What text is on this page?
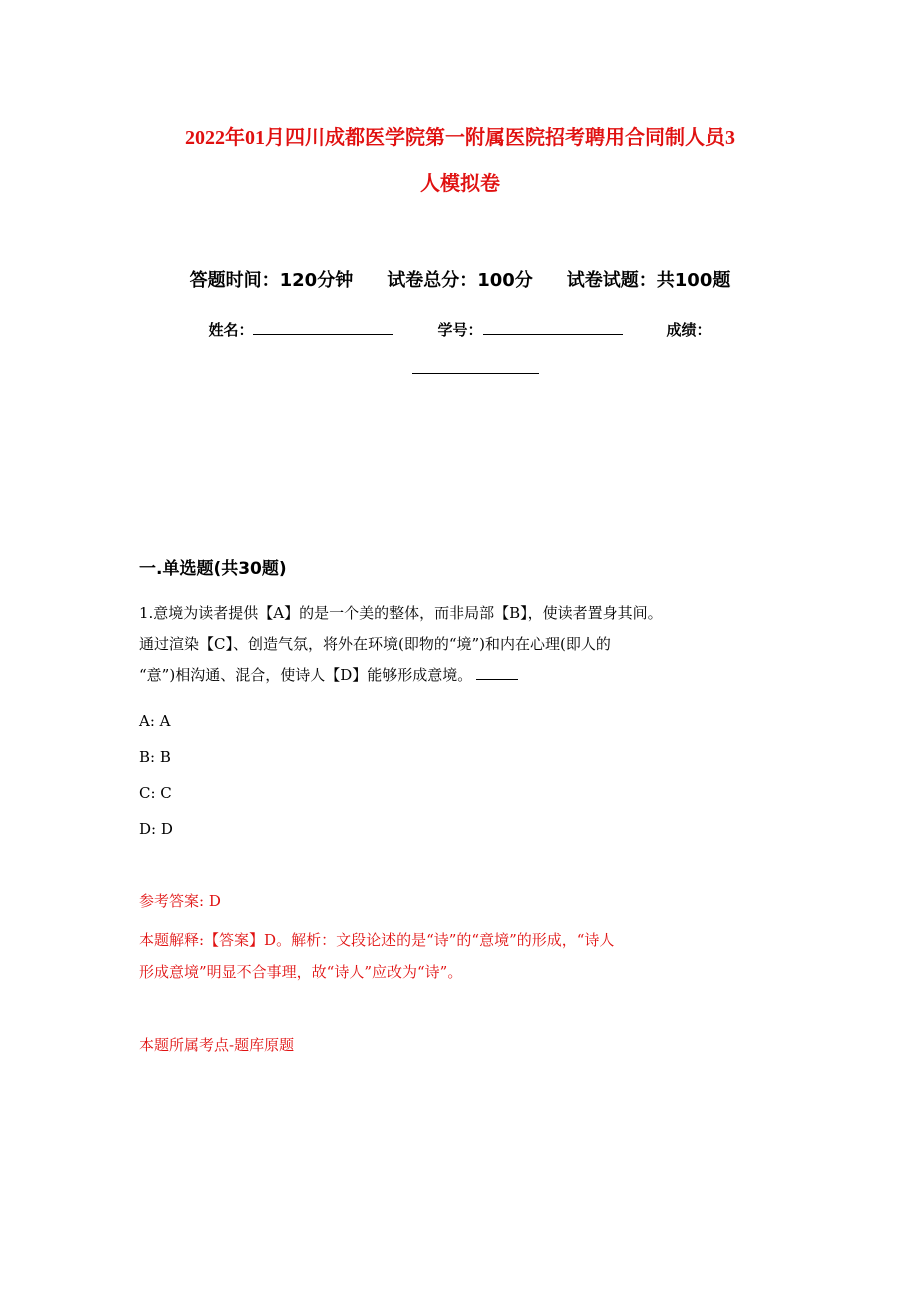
2022年01月四川成都医学院第一附属医院招考聘用合同制人员3
人模拟卷
答题时间：120分钟 试卷总分：100分 试卷试题：共100题
姓名：	学号：	成绩：
一.单选题(共30题)
1.意境为读者提供【A】的是一个美的整体，而非局部【B】，使读者置身其间。
通过渲染【C】、创造气氛，将外在环境(即物的“境”)和内在心理(即人的
“意”)相沟通、混合，使诗人【D】能够形成意境。
A: A
B: B
C: C
D: D
参考答案: D
本题解释:【答案】D。解析：文段论述的是“诗”的“意境”的形成，“诗人
形成意境”明显不合事理，故“诗人”应改为“诗”。
本题所属考点-题库原题
